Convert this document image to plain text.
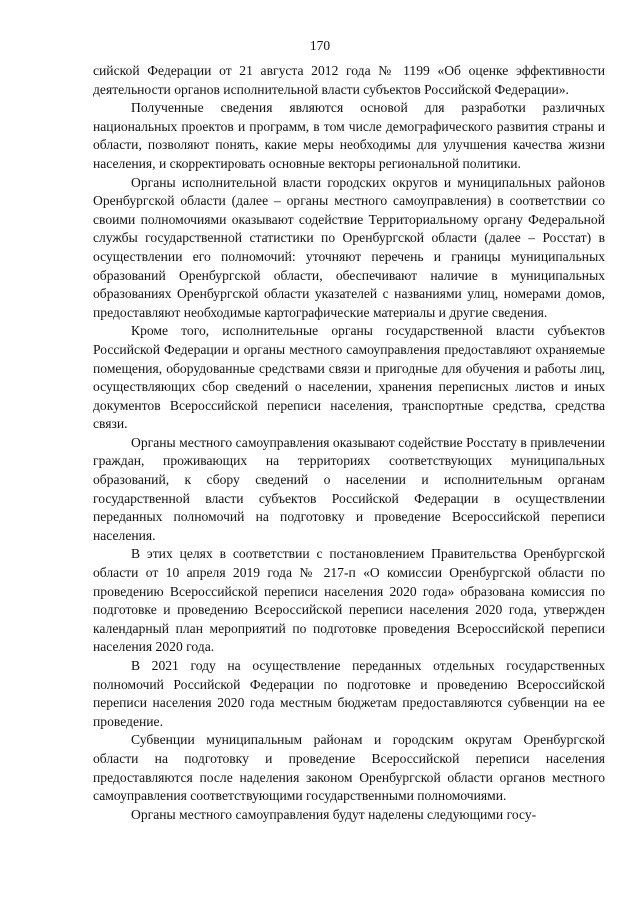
170

сийской Федерации от 21 августа 2012 года № 1199 «Об оценке эффективности деятельности органов исполнительной власти субъектов Российской Федерации».

Полученные сведения являются основой для разработки различных национальных проектов и программ, в том числе демографического развития страны и области, позволяют понять, какие меры необходимы для улучшения качества жизни населения, и скорректировать основные векторы региональной политики.

Органы исполнительной власти городских округов и муниципальных районов Оренбургской области (далее – органы местного самоуправления) в соответствии со своими полномочиями оказывают содействие Территориальному органу Федеральной службы государственной статистики по Оренбургской области (далее – Росстат) в осуществлении его полномочий: уточняют перечень и границы муниципальных образований Оренбургской области, обеспечивают наличие в муниципальных образованиях Оренбургской области указателей с названиями улиц, номерами домов, предоставляют необходимые картографические материалы и другие сведения.

Кроме того, исполнительные органы государственной власти субъектов Российской Федерации и органы местного самоуправления предоставляют охраняемые помещения, оборудованные средствами связи и пригодные для обучения и работы лиц, осуществляющих сбор сведений о населении, хранения переписных листов и иных документов Всероссийской переписи населения, транспортные средства, средства связи.

Органы местного самоуправления оказывают содействие Росстату в привлечении граждан, проживающих на территориях соответствующих муниципальных образований, к сбору сведений о населении и исполнительным органам государственной власти субъектов Российской Федерации в осуществлении переданных полномочий на подготовку и проведение Всероссийской переписи населения.

В этих целях в соответствии с постановлением Правительства Оренбургской области от 10 апреля 2019 года № 217-п «О комиссии Оренбургской области по проведению Всероссийской переписи населения 2020 года» образована комиссия по подготовке и проведению Всероссийской переписи населения 2020 года, утвержден календарный план мероприятий по подготовке проведения Всероссийской переписи населения 2020 года.

В 2021 году на осуществление переданных отдельных государственных полномочий Российской Федерации по подготовке и проведению Всероссийской переписи населения 2020 года местным бюджетам предоставляются субвенции на ее проведение.

Субвенции муниципальным районам и городским округам Оренбургской области на подготовку и проведение Всероссийской переписи населения предоставляются после наделения законом Оренбургской области органов местного самоуправления соответствующими государственными полномочиями.

Органы местного самоуправления будут наделены следующими госу-
